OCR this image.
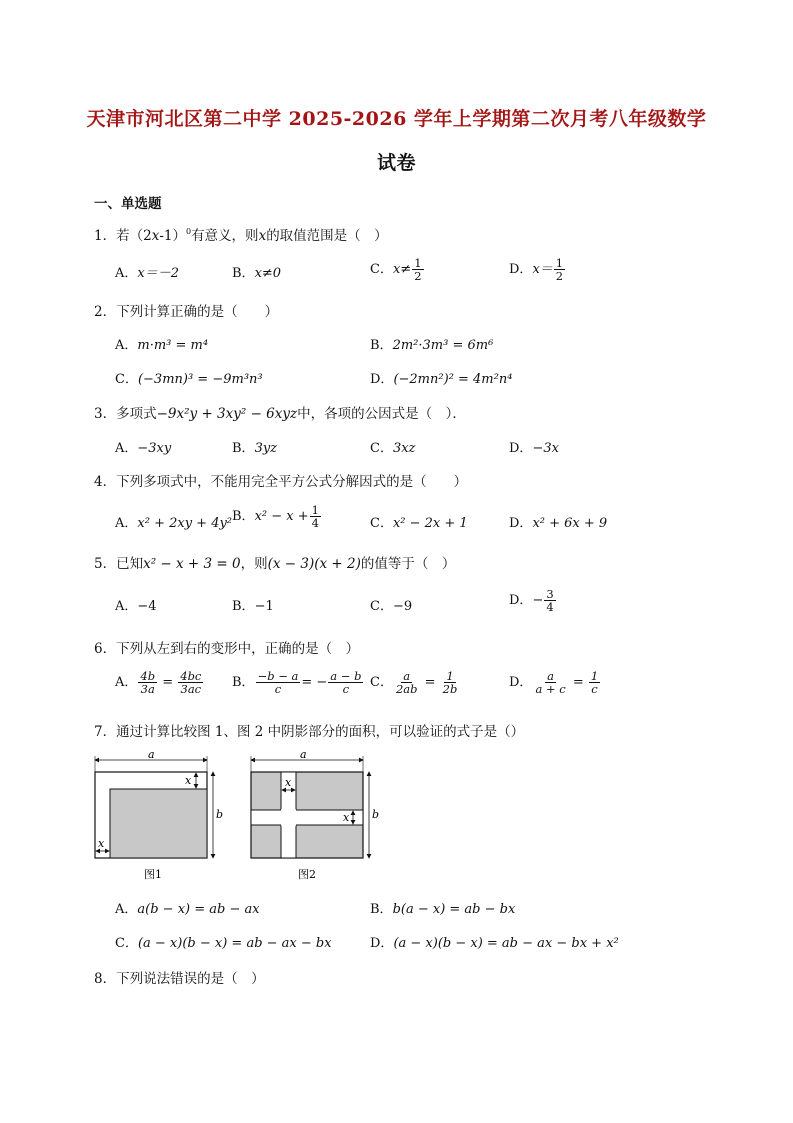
天津市河北区第二中学 2025-2026 学年上学期第二次月考八年级数学
试卷
一、单选题
1．若$(2x-1)^0$有意义，则x的取值范围是（　）
A．x＝－2	B．x≠0	C．$x\ne \frac{1}{2}$	D．$x= \frac{1}{2}$
2．下列计算正确的是（　　）
A．m·m³ = m⁴	B．2m²·3m³ = 6m⁶
C．(−3mn)³ = −9m³n³	D．(−2mn²)² = 4m²n⁴
3．多项式−9x²y + 3xy² − 6xyz中，各项的公因式是（　）．
A．−3xy	B．3yz	C．3xz	D．−3x
4．下列多项式中，不能用完全平方公式分解因式的是（　　）
A．x² + 2xy + 4y² B．$x^2 - x + \frac{1}{4}$	C．x² − 2x + 1	D．x² + 6x + 9
5．已知x² − x + 3 = 0，则(x − 3)(x + 2)的值等于（　）
A．−4	B．−1	C．−9	D．− $\frac{3}{4}$
6．下列从左到右的变形中，正确的是（　）
A． $\frac{4b}{3a} = \frac{4bc}{3ac}$ B． $\frac{-b - a}{c}$ = − $\frac{a - b}{c}$ C． $\frac{a}{2ab} = \frac{1}{2b}$	D． $\frac{a}{a + c} = \frac{1}{c}$
7．通过计算比较图 1、图 2 中阴影部分的面积，可以验证的式子是（）
a
b
x
x
图1
a
b
x
x
图2
A．a(b − x) = ab − ax	B．b(a − x) = ab − bx
C．(a − x)(b − x) = ab − ax − bx	D．(a − x)(b − x) = ab − ax − bx + x²
8．下列说法错误的是（　）
